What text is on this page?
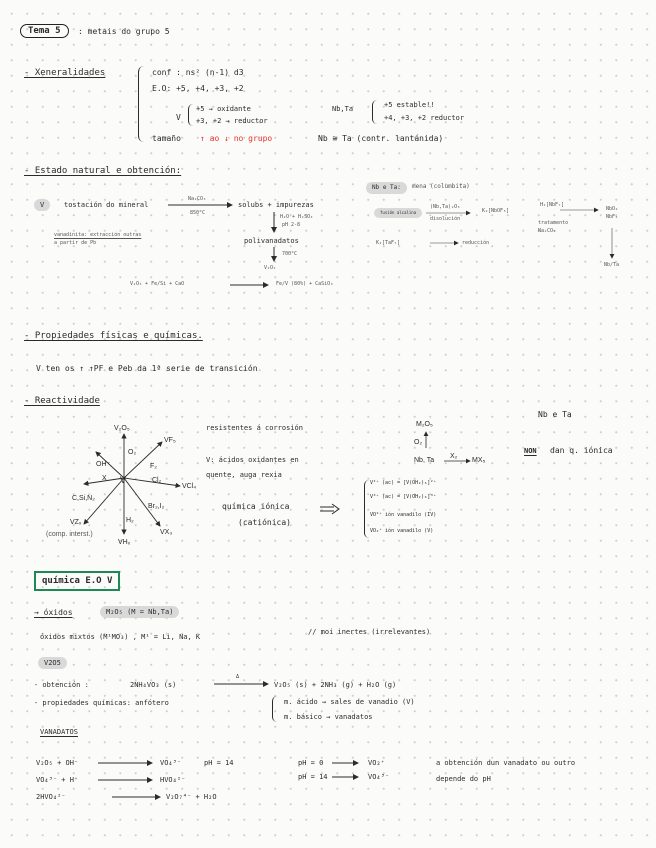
Tema 5	: metais do grupo 5
- Xeneralidades	conf : ns² (n-1) d3
E.O: +5, +4, +3, +2
V
+5 → oxidante
+3, +2 → reductor
Nb,Ta	+5 estable!!
+4, +3, +2 reductor
tamaño ↑ ao ↓ no grupo	Nb ≅ Ta (contr. lantánida)
- Estado natural e obtención:
V	tostación do mineral
Na₂CO₃
850°C
solubs + impurezas
H₂O + H₂SO₄
pH 2-8
polivanadatos
700°C
V₂O₅
V₂O₅ + Fe/Si + CaO	Fe/V (80%) + CaSiO₃
vanadinita: extracción outras
a partir de Pb
Nb e Ta:	mena (columbita)
fusión alcalina
(Nb,Ta)₂O₅
disolución
K₂[NbOF₅]
H₂[NbF₇]
tratamento
Na₂CO₃
NbO₂
NbF₅
Nb/Ta
K₂[TaF₇]	reducción
- Propiedades físicas e químicas.
V ten os ↑ ↑PF e Peb da 1ª serie de transición
- Reactividade
V
V₂O₅
O₂
VF₅
F₂
VCl₄
Cl₂
VX₃
Br₂,I₂
VHₓ
H₂
VZₓ
(comp. interst.)
C,Si,N₂
X
OH⁻
resistentes á corrosión
V: ácidos oxidantes en
quente, auga rexia
química iónica
(catiónica)
V²⁺ (ac) = [V(OH₂)₆]²⁺
V³⁺ (ac) = [V(OH₂)₆]³⁺
VO²⁺ ión vanadilo (IV)
VO₂⁺ ión vanadilo (V)
M₂O₅
O₂
Nb, Ta
X₂
MX₅
Nb e Ta
NON dan q. iónica
química E.O V
→ óxidos	M₂O₅ (M = Nb,Ta)
óxidos mixtos (M¹MO₃) , M¹ = Li, Na, K
// moi inertes (irrelevantes)
V2O5
- obtención :	2NH₄VO₃ (s)
Δ
V₂O₅ (s) + 2NH₃ (g) + H₂O (g)
- propiedades químicas: anfótero	m. ácido → sales de vanadio (V)
m. básico → vanadatos
VANADATOS
V₂O₅ + OH⁻	VO₄³⁻	pH = 14
VO₄³⁻ + H⁺	HVO₄²⁻
2HVO₄²⁻	V₂O₇⁴⁻ + H₂O
pH = 0	VO₂⁺
pH = 14	VO₄³⁻
a obtención dun vanadato ou outro
depende do pH
